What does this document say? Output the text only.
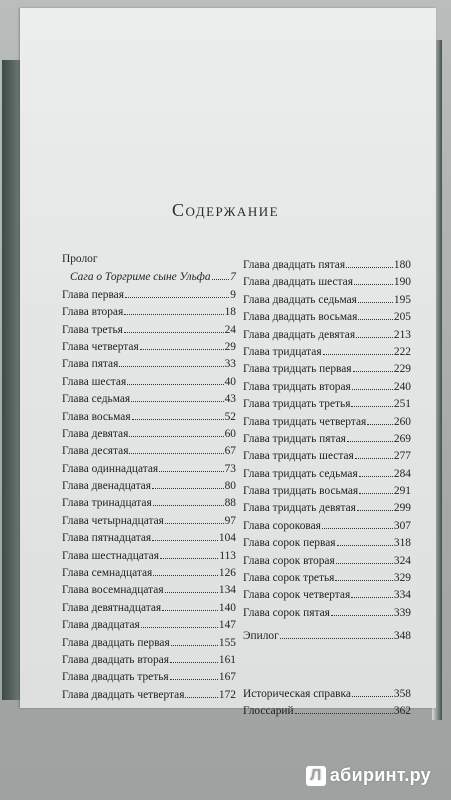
Содержание
Пролог
Сага о Торгриме сыне Ульфа 7
Глава первая	9
Глава вторая	18
Глава третья	24
Глава четвертая	29
Глава пятая	33
Глава шестая	40
Глава седьмая	43
Глава восьмая	52
Глава девятая	60
Глава десятая	67
Глава одиннадцатая	73
Глава двенадцатая	80
Глава тринадцатая	88
Глава четырнадцатая	97
Глава пятнадцатая	104
Глава шестнадцатая	113
Глава семнадцатая	126
Глава восемнадцатая	134
Глава девятнадцатая	140
Глава двадцатая	147
Глава двадцать первая	155
Глава двадцать вторая	161
Глава двадцать третья	167
Глава двадцать четвертая	172
Глава двадцать пятая	180
Глава двадцать шестая	190
Глава двадцать седьмая	195
Глава двадцать восьмая	205
Глава двадцать девятая	213
Глава тридцатая	222
Глава тридцать первая	229
Глава тридцать вторая	240
Глава тридцать третья	251
Глава тридцать четвертая 260
Глава тридцать пятая	269
Глава тридцать шестая	277
Глава тридцать седьмая	284
Глава тридцать восьмая	291
Глава тридцать девятая	299
Глава сороковая	307
Глава сорок первая	318
Глава сорок вторая	324
Глава сорок третья	329
Глава сорок четвертая	334
Глава сорок пятая	339
Эпилог	348
Историческая справка	358
Глоссарий	362
Л абиринт.ру
